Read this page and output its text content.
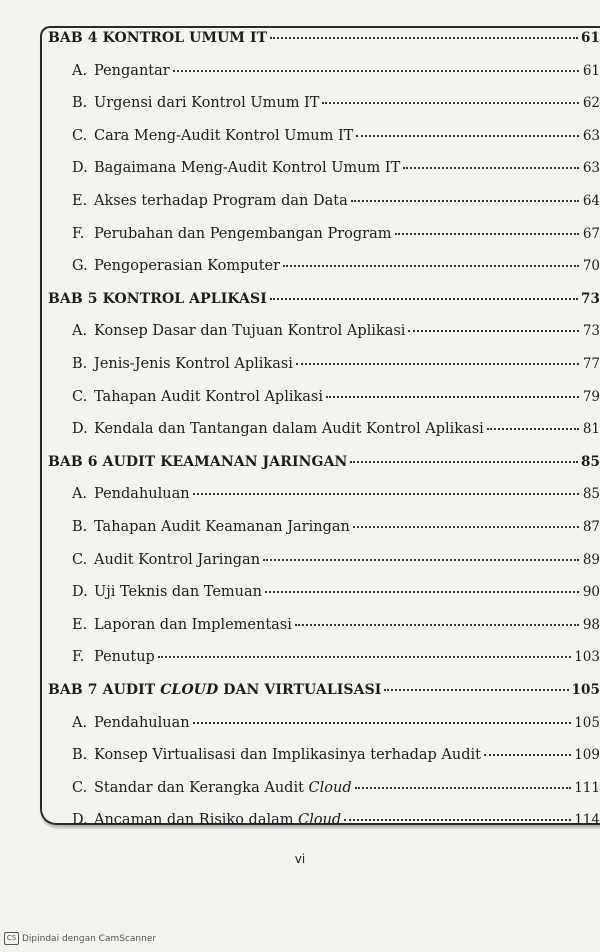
BAB 4 KONTROL UMUM IT	61
A. Pengantar	61
B. Urgensi dari Kontrol Umum IT	62
C. Cara Meng-Audit Kontrol Umum IT	63
D. Bagaimana Meng-Audit Kontrol Umum IT	63
E. Akses terhadap Program dan Data	64
F. Perubahan dan Pengembangan Program	67
G. Pengoperasian Komputer	70
BAB 5 KONTROL APLIKASI	73
A. Konsep Dasar dan Tujuan Kontrol Aplikasi	73
B. Jenis-Jenis Kontrol Aplikasi	77
C. Tahapan Audit Kontrol Aplikasi	79
D. Kendala dan Tantangan dalam Audit Kontrol Aplikasi	81
BAB 6 AUDIT KEAMANAN JARINGAN	85
A. Pendahuluan	85
B. Tahapan Audit Keamanan Jaringan	87
C. Audit Kontrol Jaringan	89
D. Uji Teknis dan Temuan	90
E. Laporan dan Implementasi	98
F. Penutup	103
BAB 7 AUDIT CLOUD DAN VIRTUALISASI	105
A. Pendahuluan	105
B. Konsep Virtualisasi dan Implikasinya terhadap Audit	109
C. Standar dan Kerangka Audit Cloud	111
D. Ancaman dan Risiko dalam Cloud	114
vi
CS Dipindai dengan CamScanner
